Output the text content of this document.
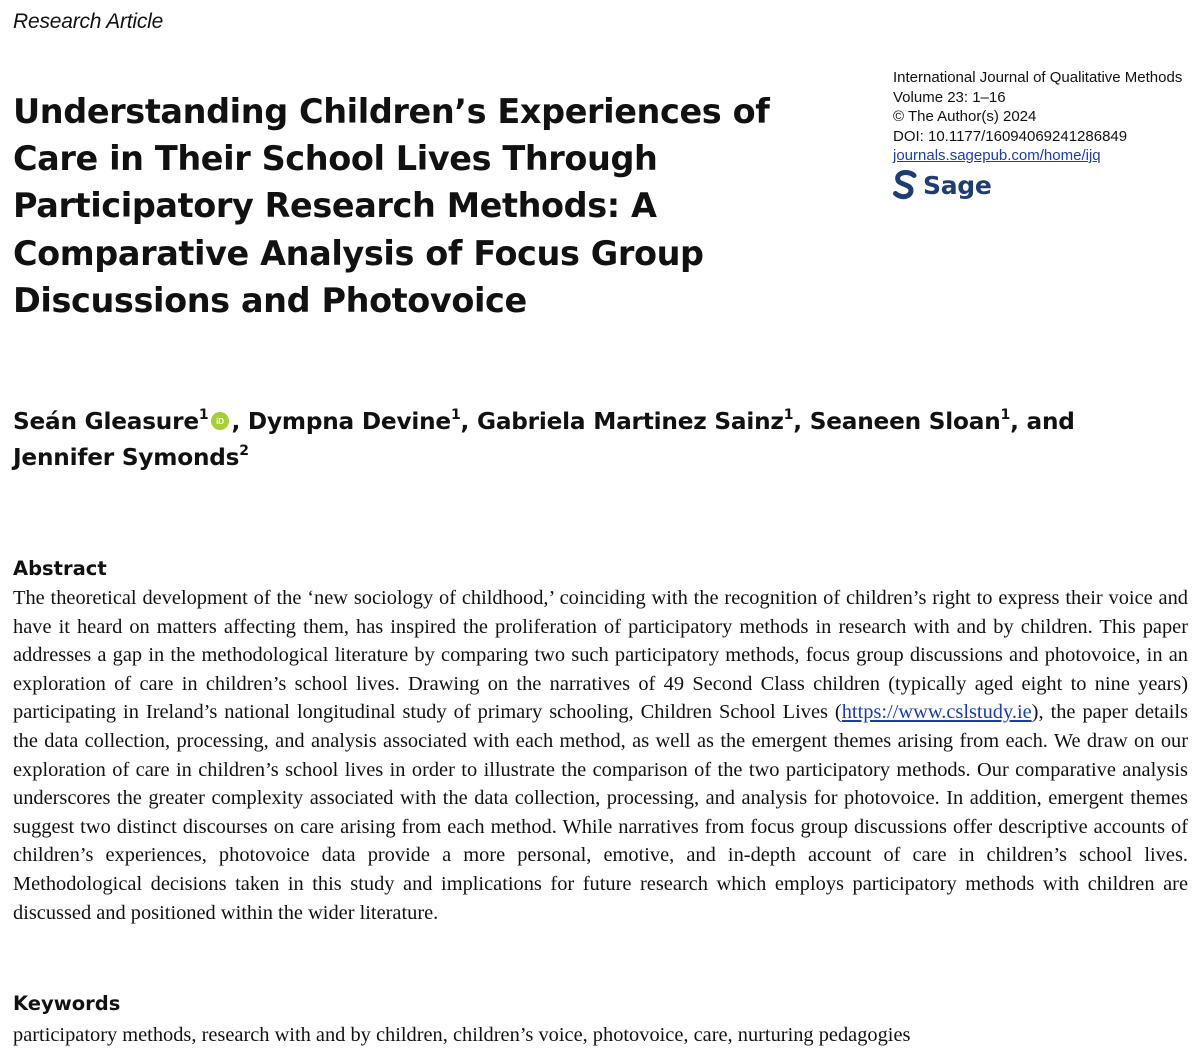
Research Article
Understanding Children’s Experiences of Care in Their School Lives Through Participatory Research Methods: A Comparative Analysis of Focus Group Discussions and Photovoice
International Journal of Qualitative Methods
Volume 23: 1–16
© The Author(s) 2024
DOI: 10.1177/16094069241286849
journals.sagepub.com/home/ijq
Sage

Seán Gleasure$^1$ iD , Dympna Devine$^1$, Gabriela Martinez Sainz$^1$, Seaneen Sloan$^1$, and Jennifer Symonds$^2$

Abstract

The theoretical development of the ‘new sociology of childhood,’ coinciding with the recognition of children’s right to express their voice and have it heard on matters affecting them, has inspired the proliferation of participatory methods in research with and by children. This paper addresses a gap in the methodological literature by comparing two such participatory methods, focus group discussions and photovoice, in an exploration of care in children’s school lives. Drawing on the narratives of 49 Second Class children (typically aged eight to nine years) participating in Ireland’s national longitudinal study of primary schooling, Children School Lives (https://www.cslstudy.ie), the paper details the data collection, processing, and analysis associated with each method, as well as the emergent themes arising from each. We draw on our exploration of care in children’s school lives in order to illustrate the comparison of the two participatory methods. Our comparative analysis underscores the greater complexity associated with the data collection, processing, and analysis for photovoice. In addition, emergent themes suggest two distinct discourses on care arising from each method. While narratives from focus group discussions offer descriptive accounts of children’s experiences, photovoice data provide a more personal, emotive, and in-depth account of care in children’s school lives. Methodological decisions taken in this study and implications for future research which employs participatory methods with children are discussed and positioned within the wider literature.

Keywords

participatory methods, research with and by children, children’s voice, photovoice, care, nurturing pedagogies
